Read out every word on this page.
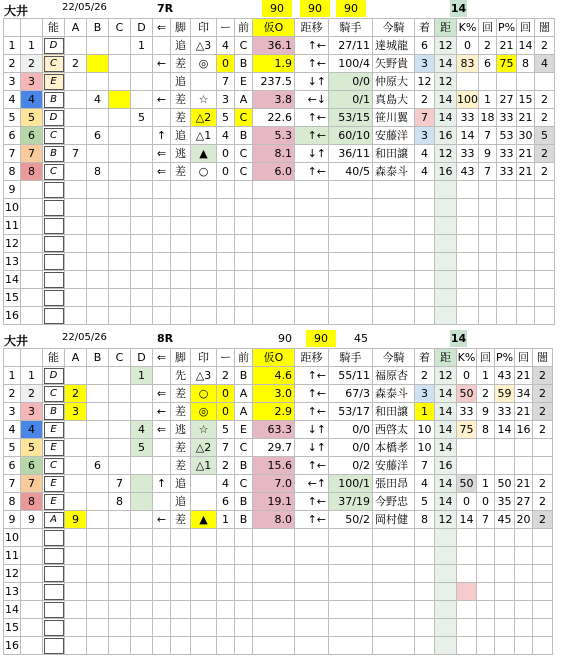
大井	22/05/26	7R	90	90	90	14
		能	A	B	C	D	⇐	脚	印	ー	前	仮O	距移	騎手	今騎	着	距	K%	回	P%	回	闇
1	1	D				1		追	△3	4	C	36.1	↑←	27/11	達城龍	6	12	0	2	21	14	2
2	2	C	2				←	差	◎	0	B	1.9	↑←	100/4	矢野貴	3	14	83	6	75	8	4
3	3	E						追		7	E	237.5	↓↑	0/0	仲原大	12	12					
4	4	B		4			←	差	☆	3	A	3.8	←↓	0/1	真島大	2	14	100	1	27	15	2
5	5	D				5		差	△2	5	C	22.6	↑←	53/15	笹川翼	7	14	33	18	33	21	2
6	6	C		6			↑	追	△1	4	B	5.3	↑←	60/10	安藤洋	3	16	14	7	53	30	5
7	7	B	7				⇐	逃	▲	0	C	8.1	↓↑	36/11	和田譲	4	12	33	9	33	21	2
8	8	C		8			⇐	差	○	0	C	6.0	↑←	40/5	森泰斗	4	16	43	7	33	21	2
9																						
10																						
11																						
12																						
13																						
14																						
15																						
16																						
大井	22/05/26	8R	90	90	45	14
		能	A	B	C	D	⇐	脚	印	ー	前	仮O	距移	騎手	今騎	着	距	K%	回	P%	回	闇
1	1	D				1		先	△3	2	B	4.6	↑←	55/11	福原杏	2	12	0	1	43	21	2
2	2	C	2				⇐	差	○	0	A	3.0	↑←	67/3	森泰斗	3	14	50	2	59	34	2
3	3	B	3				←	差	◎	0	A	2.9	↑←	53/17	和田譲	1	14	33	9	33	21	2
4	4	E				4	⇐	逃	☆	5	E	63.3	↓↑	0/0	西啓太	10	14	75	8	14	16	2
5	5	E				5		差	△2	7	C	29.7	↓↑	0/0	本橋孝	10	14					
6	6	C		6				差	△1	2	B	15.6	↑←	0/2	安藤洋	7	16					
7	7	E			7		↑	追		4	C	7.0	←↑	100/1	張田昂	4	14	50	1	50	21	2
8	8	E			8			追		6	B	19.1	↑←	37/19	今野忠	5	14	0	0	35	27	2
9	9	A	9				←	差	▲	1	B	8.0	↑←	50/2	岡村健	8	12	14	7	45	20	2
10																						
11																						
12																						
13																						
14																						
15																						
16																						
